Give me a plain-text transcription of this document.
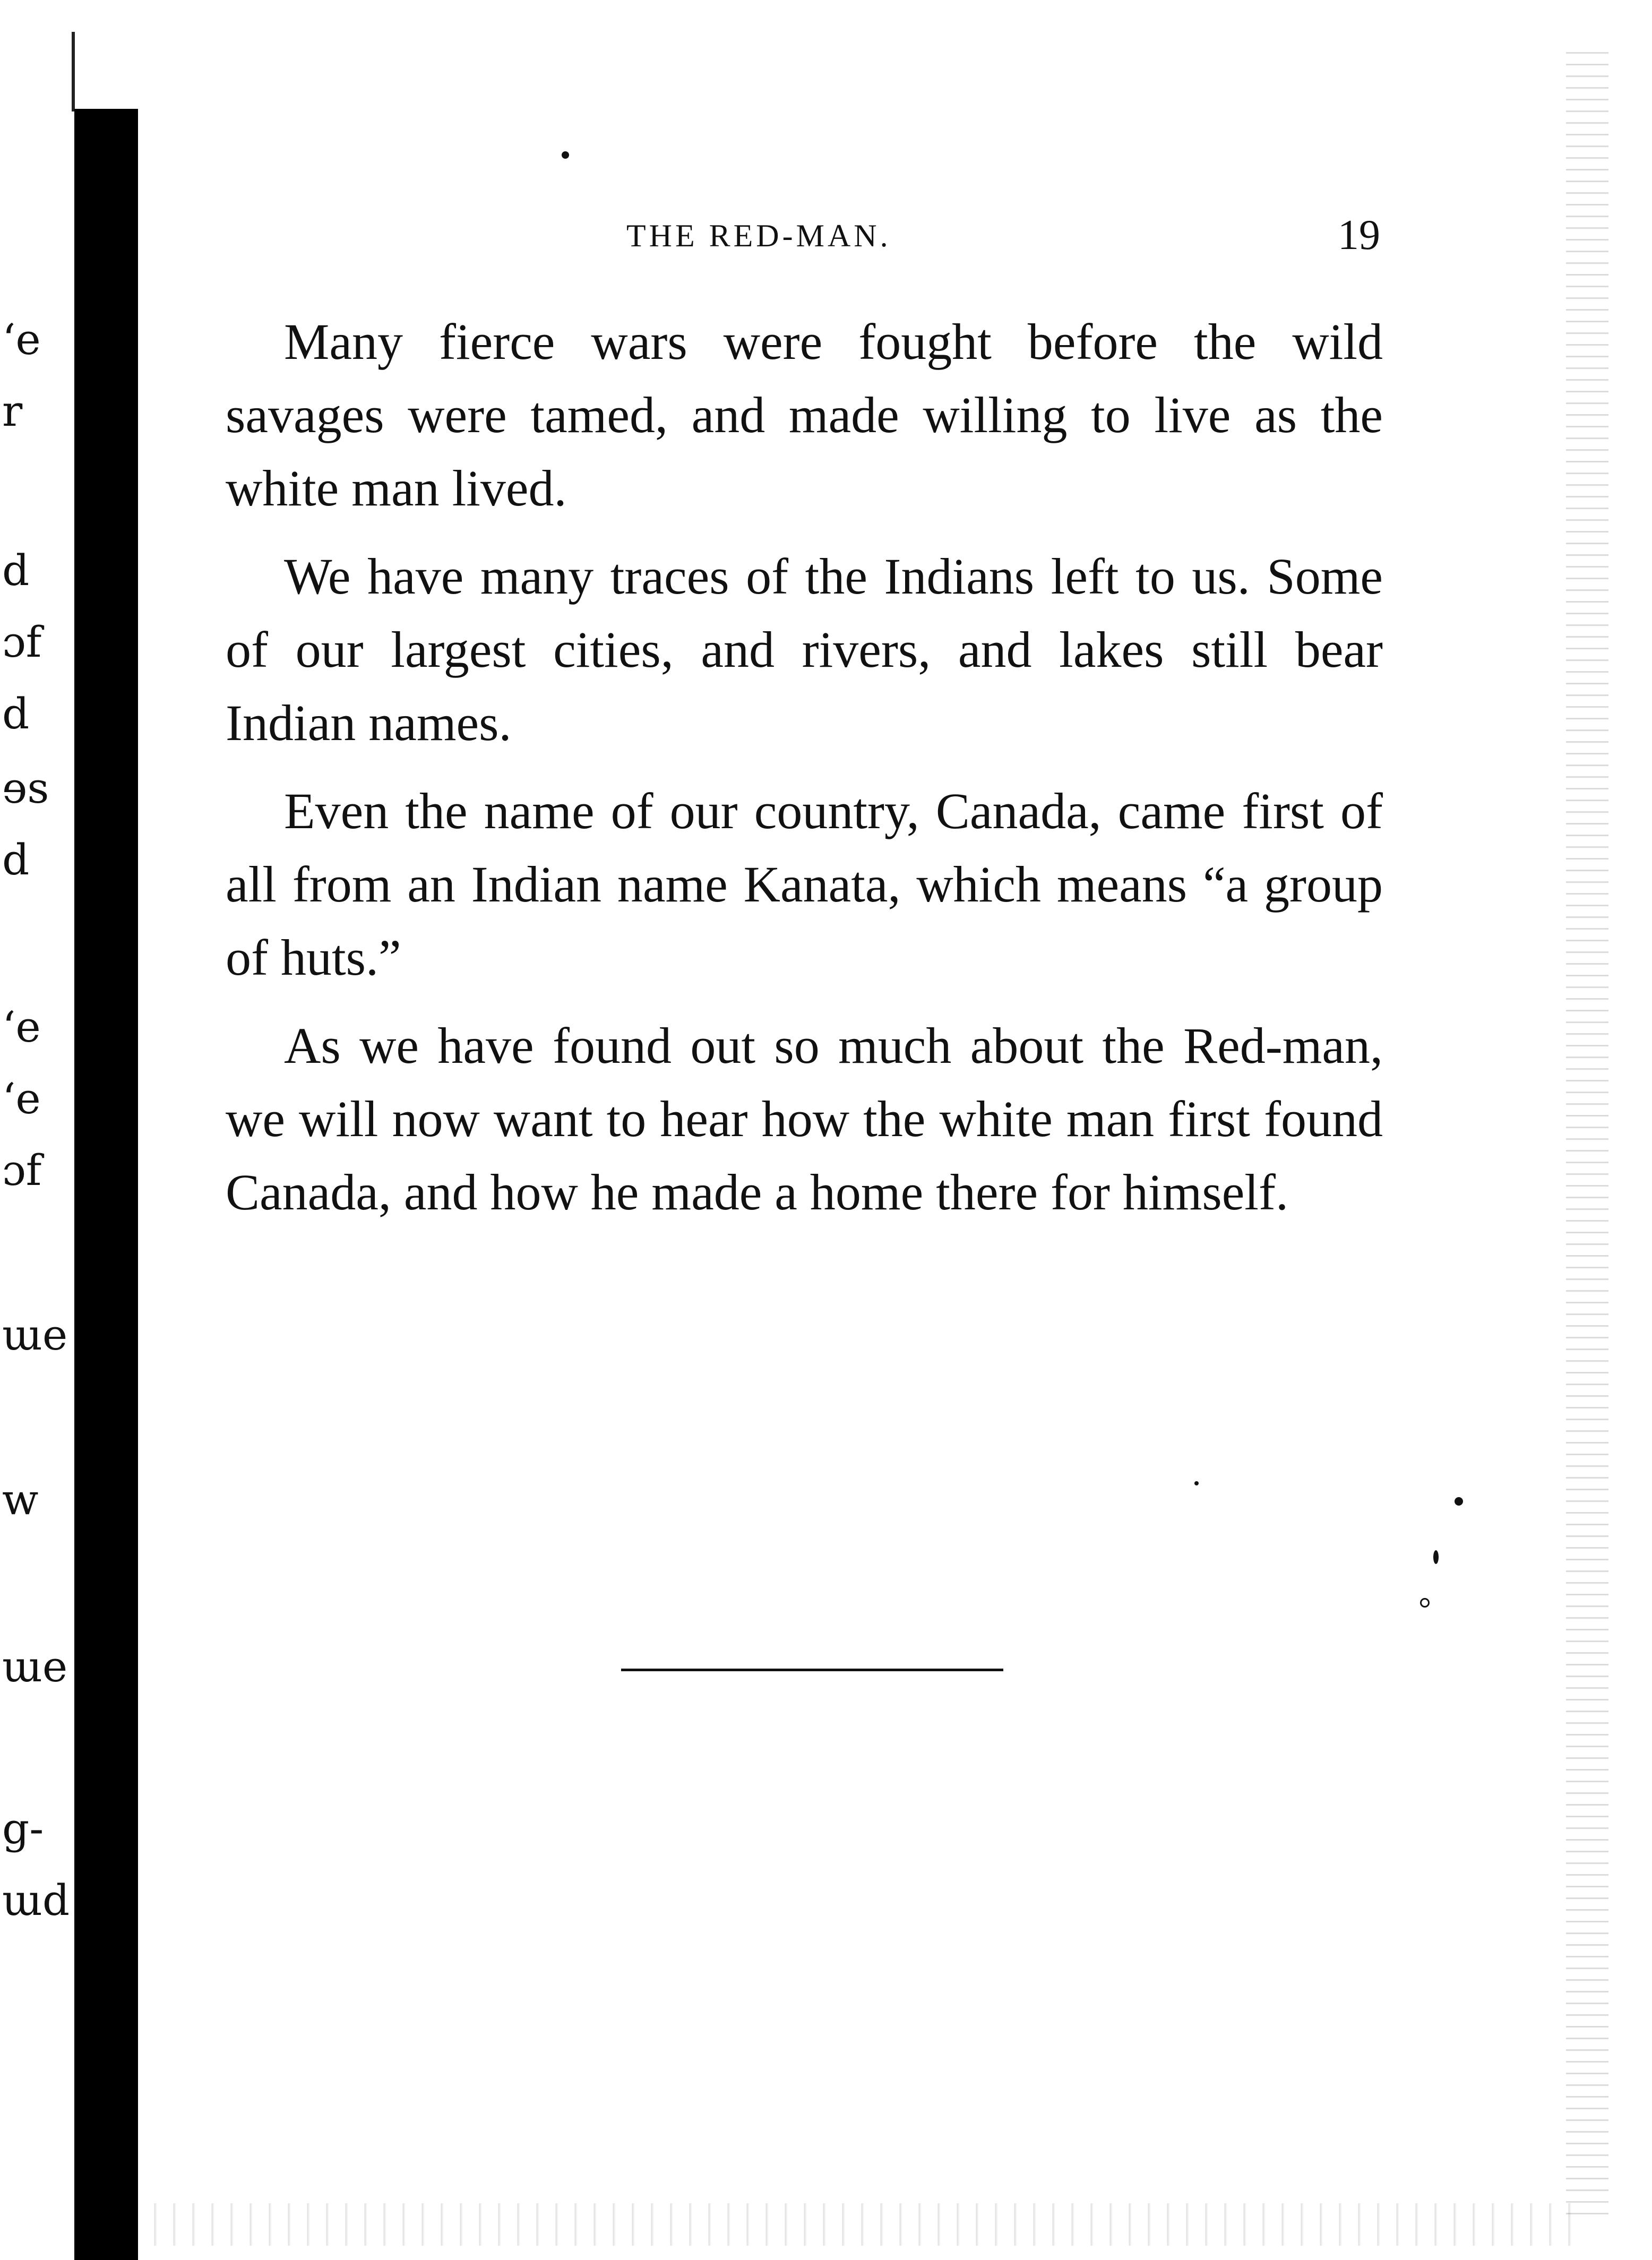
ʻe
r
d
ɔf
d
ɘs
d
ʻe
ʻe
ɔf
ɯe
w
ɯe
g-
ɯd
THE RED-MAN.	19

Many fierce wars were fought before the wild savages were tamed, and made willing to live as the white man lived.

We have many traces of the Indians left to us. Some of our largest cities, and rivers, and lakes still bear Indian names.

Even the name of our country, Canada, came first of all from an Indian name Kanata, which means “a group of huts.”

As we have found out so much about the Red-man, we will now want to hear how the white man first found Canada, and how he made a home there for himself.
